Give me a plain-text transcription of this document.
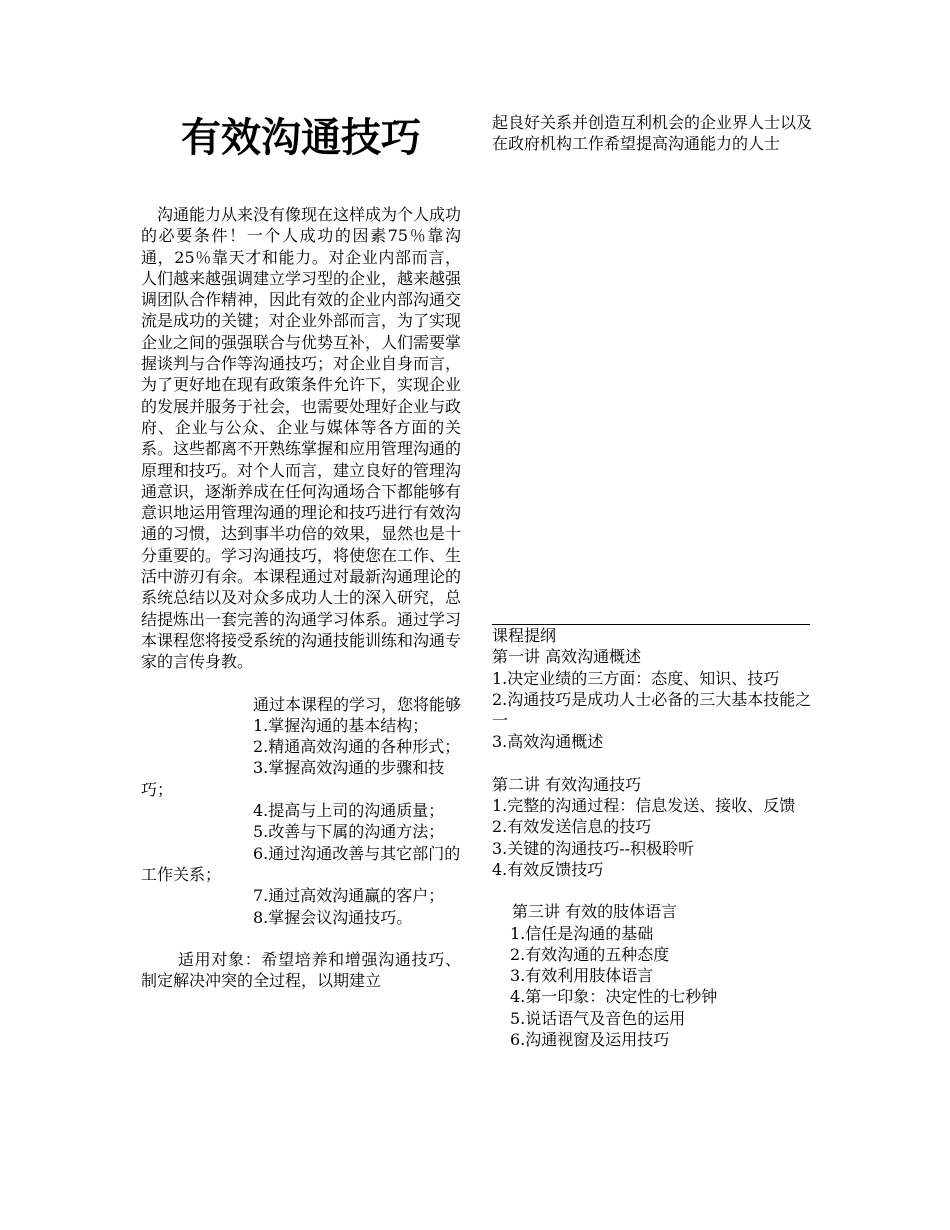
有效沟通技巧

沟通能力从来没有像现在这样成为个人成功的必要条件！一个人成功的因素75％靠沟通，25％靠天才和能力。对企业内部而言，人们越来越强调建立学习型的企业，越来越强调团队合作精神，因此有效的企业内部沟通交流是成功的关键；对企业外部而言，为了实现企业之间的强强联合与优势互补，人们需要掌握谈判与合作等沟通技巧；对企业自身而言，为了更好地在现有政策条件允许下，实现企业的发展并服务于社会，也需要处理好企业与政府、企业与公众、企业与媒体等各方面的关系。这些都离不开熟练掌握和应用管理沟通的原理和技巧。对个人而言，建立良好的管理沟通意识，逐渐养成在任何沟通场合下都能够有意识地运用管理沟通的理论和技巧进行有效沟通的习惯，达到事半功倍的效果，显然也是十分重要的。学习沟通技巧，将使您在工作、生活中游刃有余。本课程通过对最新沟通理论的系统总结以及对众多成功人士的深入研究，总结提炼出一套完善的沟通学习体系。通过学习本课程您将接受系统的沟通技能训练和沟通专家的言传身教。

通过本课程的学习，您将能够

1.掌握沟通的基本结构；

2.精通高效沟通的各种形式；

3.掌握高效沟通的步骤和技巧；

4.提高与上司的沟通质量；

5.改善与下属的沟通方法；

6.通过沟通改善与其它部门的工作关系；

7.通过高效沟通赢的客户；

8.掌握会议沟通技巧。

适用对象：希望培养和增强沟通技巧、制定解决冲突的全过程，以期建立

起良好关系并创造互利机会的企业界人士以及在政府机构工作希望提高沟通能力的人士

课程提纲

第一讲 高效沟通概述

1.决定业绩的三方面：态度、知识、技巧

2.沟通技巧是成功人士必备的三大基本技能之一

3.高效沟通概述

第二讲 有效沟通技巧

1.完整的沟通过程：信息发送、接收、反馈

2.有效发送信息的技巧

3.关键的沟通技巧--积极聆听

4.有效反馈技巧

第三讲 有效的肢体语言

1.信任是沟通的基础

2.有效沟通的五种态度

3.有效利用肢体语言

4.第一印象：决定性的七秒钟

5.说话语气及音色的运用

6.沟通视窗及运用技巧
